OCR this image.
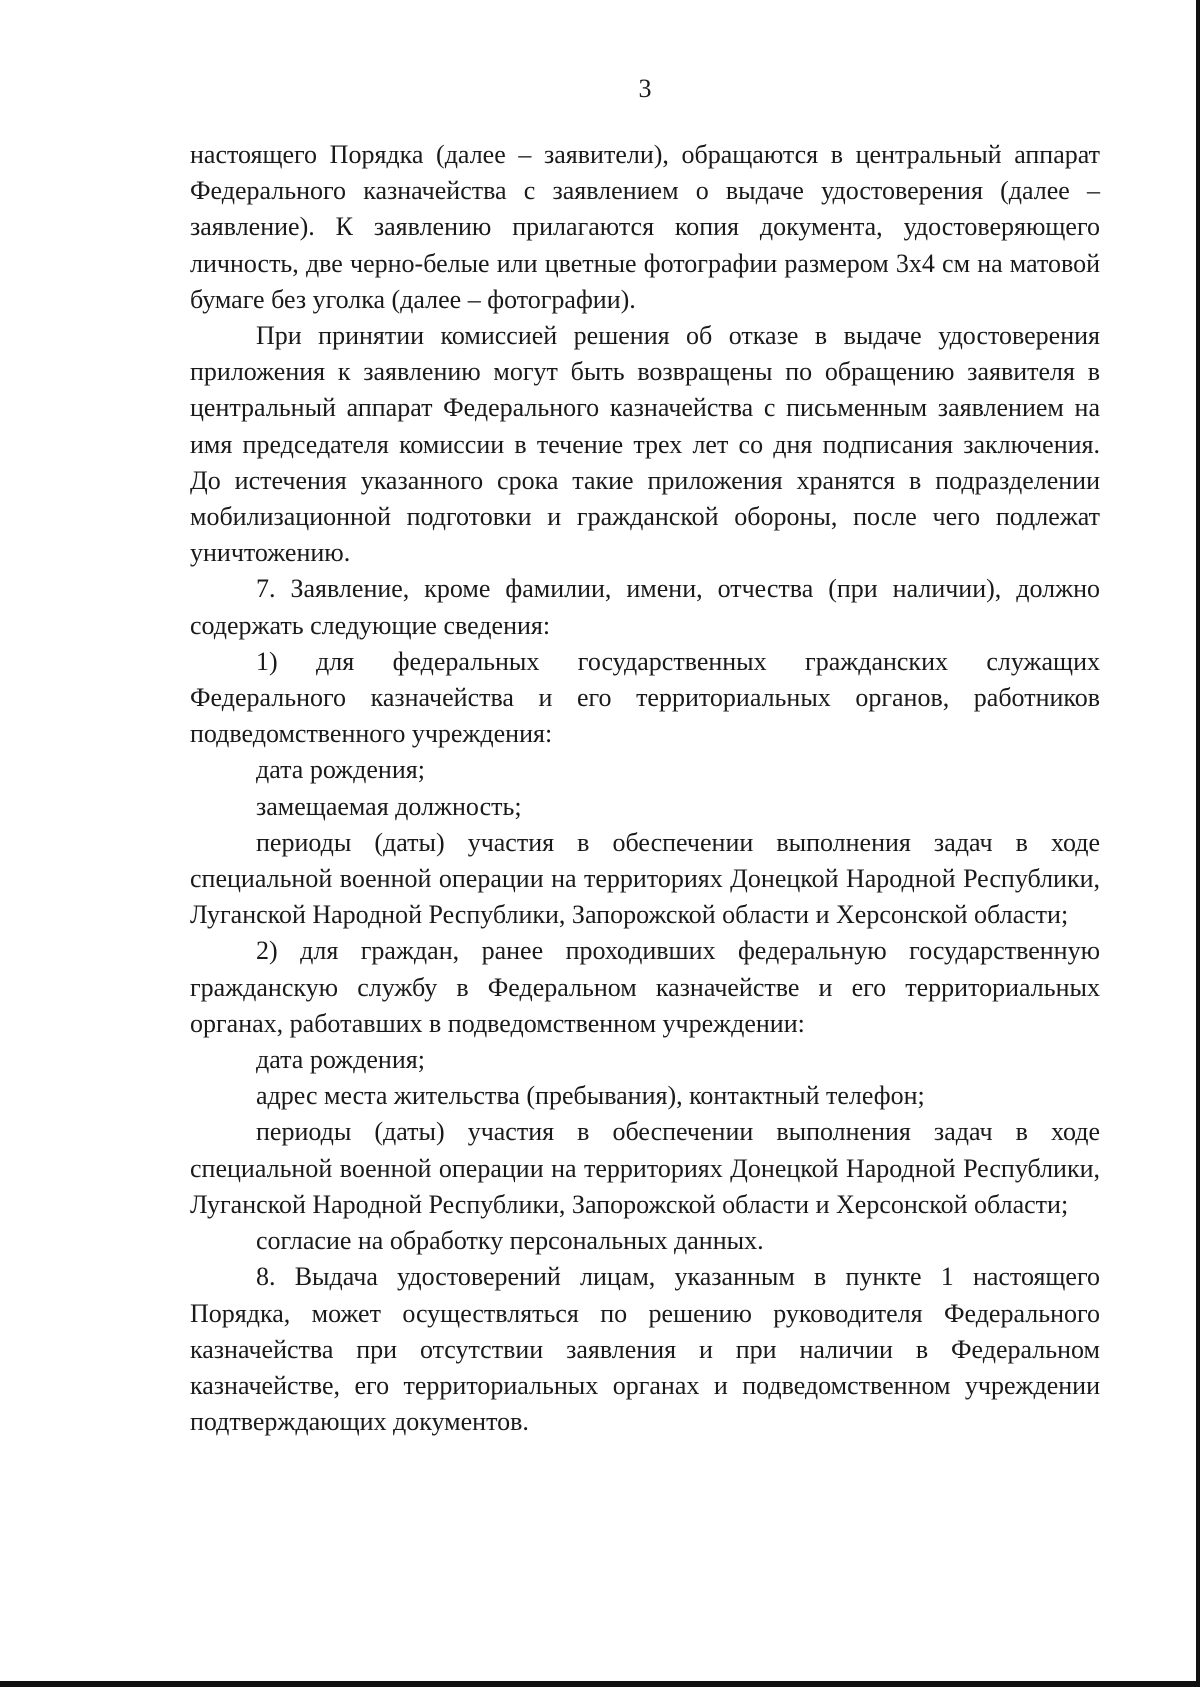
3

настоящего Порядка (далее – заявители), обращаются в центральный аппарат Федерального казначейства с заявлением о выдаче удостоверения (далее – заявление). К заявлению прилагаются копия документа, удостоверяющего личность, две черно-белые или цветные фотографии размером 3х4 см на матовой бумаге без уголка (далее – фотографии).

При принятии комиссией решения об отказе в выдаче удостоверения приложения к заявлению могут быть возвращены по обращению заявителя в центральный аппарат Федерального казначейства с письменным заявлением на имя председателя комиссии в течение трех лет со дня подписания заключения. До истечения указанного срока такие приложения хранятся в подразделении мобилизационной подготовки и гражданской обороны, после чего подлежат уничтожению.

7. Заявление, кроме фамилии, имени, отчества (при наличии), должно содержать следующие сведения:

1) для федеральных государственных гражданских служащих Федерального казначейства и его территориальных органов, работников подведомственного учреждения:

дата рождения;

замещаемая должность;

периоды (даты) участия в обеспечении выполнения задач в ходе специальной военной операции на территориях Донецкой Народной Республики, Луганской Народной Республики, Запорожской области и Херсонской области;

2) для граждан, ранее проходивших федеральную государственную гражданскую службу в Федеральном казначействе и его территориальных органах, работавших в подведомственном учреждении:

дата рождения;

адрес места жительства (пребывания), контактный телефон;

периоды (даты) участия в обеспечении выполнения задач в ходе специальной военной операции на территориях Донецкой Народной Республики, Луганской Народной Республики, Запорожской области и Херсонской области;

согласие на обработку персональных данных.

8. Выдача удостоверений лицам, указанным в пункте 1 настоящего Порядка, может осуществляться по решению руководителя Федерального казначейства при отсутствии заявления и при наличии в Федеральном казначействе, его территориальных органах и подведомственном учреждении подтверждающих документов.
